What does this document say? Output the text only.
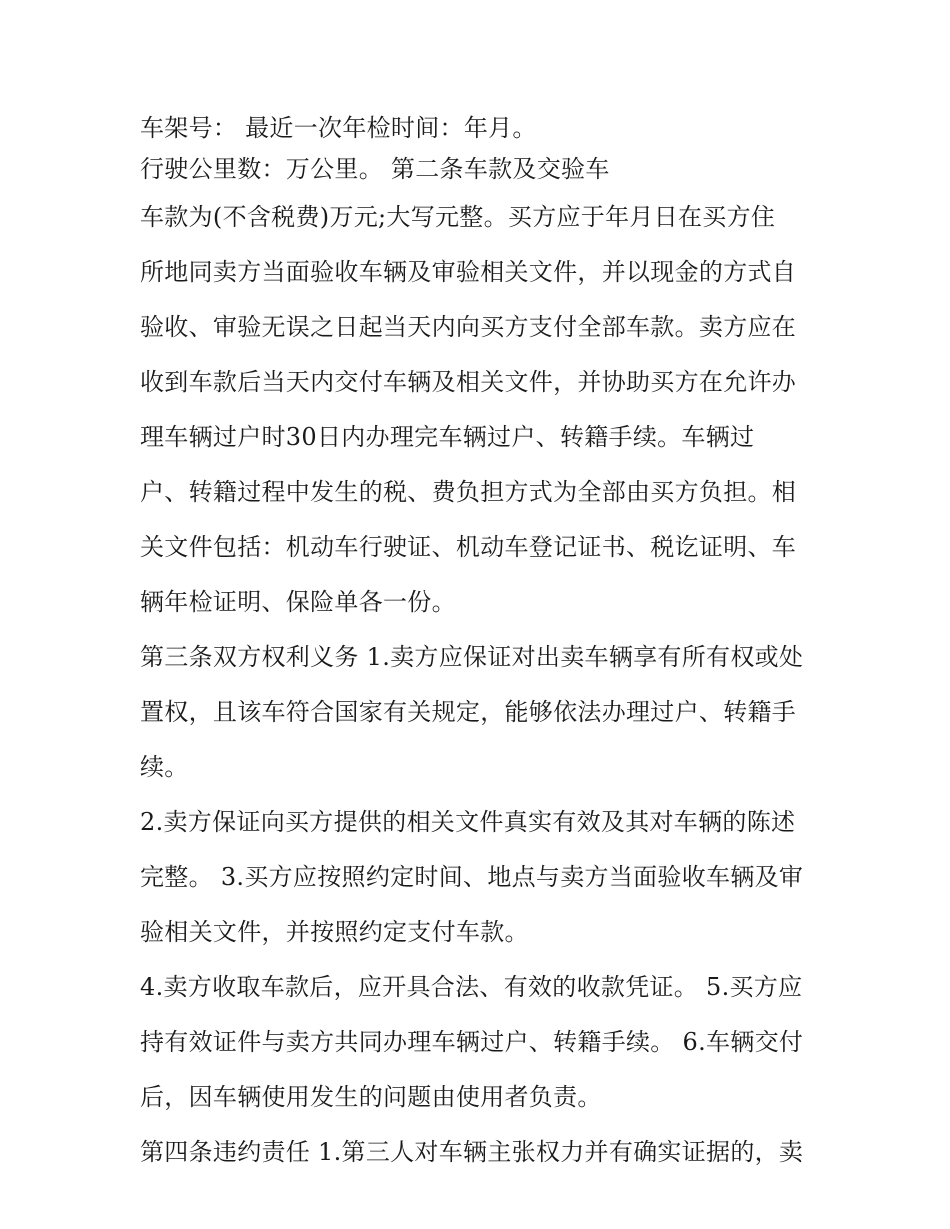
车架号： 最近一次年检时间：年月。
行驶公里数：万公里。 第二条车款及交验车
车款为(不含税费)万元;大写元整。买方应于年月日在买方住
所地同卖方当面验收车辆及审验相关文件，并以现金的方式自
验收、审验无误之日起当天内向买方支付全部车款。卖方应在
收到车款后当天内交付车辆及相关文件，并协助买方在允许办
理车辆过户时30日内办理完车辆过户、转籍手续。车辆过
户、转籍过程中发生的税、费负担方式为全部由买方负担。相
关文件包括：机动车行驶证、机动车登记证书、税讫证明、车
辆年检证明、保险单各一份。
第三条双方权利义务 1.卖方应保证对出卖车辆享有所有权或处
置权，且该车符合国家有关规定，能够依法办理过户、转籍手
续。
2.卖方保证向买方提供的相关文件真实有效及其对车辆的陈述
完整。 3.买方应按照约定时间、地点与卖方当面验收车辆及审
验相关文件，并按照约定支付车款。
4.卖方收取车款后，应开具合法、有效的收款凭证。 5.买方应
持有效证件与卖方共同办理车辆过户、转籍手续。 6.车辆交付
后，因车辆使用发生的问题由使用者负责。
第四条违约责任 1.第三人对车辆主张权力并有确实证据的，卖
